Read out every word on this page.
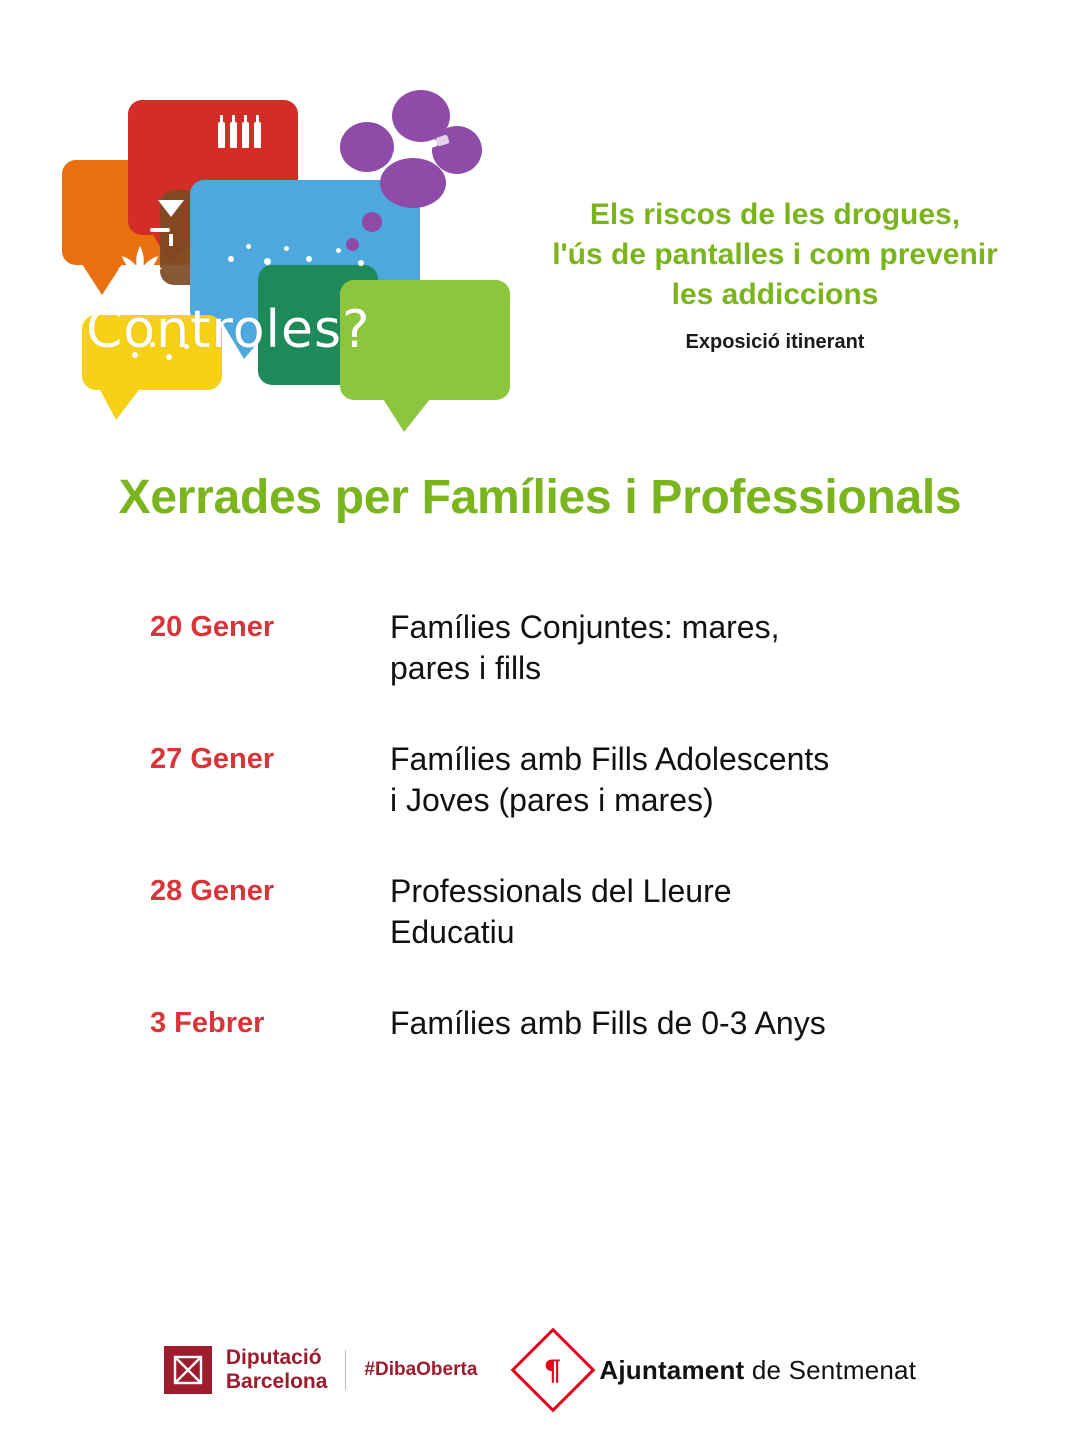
Controles?
Els riscos de les drogues,
l'ús de pantalles i com prevenir
les addiccions

Exposició itinerant

Xerrades per Famílies i Professionals
20 Gener	Famílies Conjuntes: mares,
pares i fills
27 Gener	Famílies amb Fills Adolescents
i Joves (pares i mares)
28 Gener	Professionals del Lleure
Educatiu
3 Febrer	Famílies amb Fills de 0-3 Anys
Diputació
Barcelona
#DibaOberta ¶ Ajuntament de Sentmenat
